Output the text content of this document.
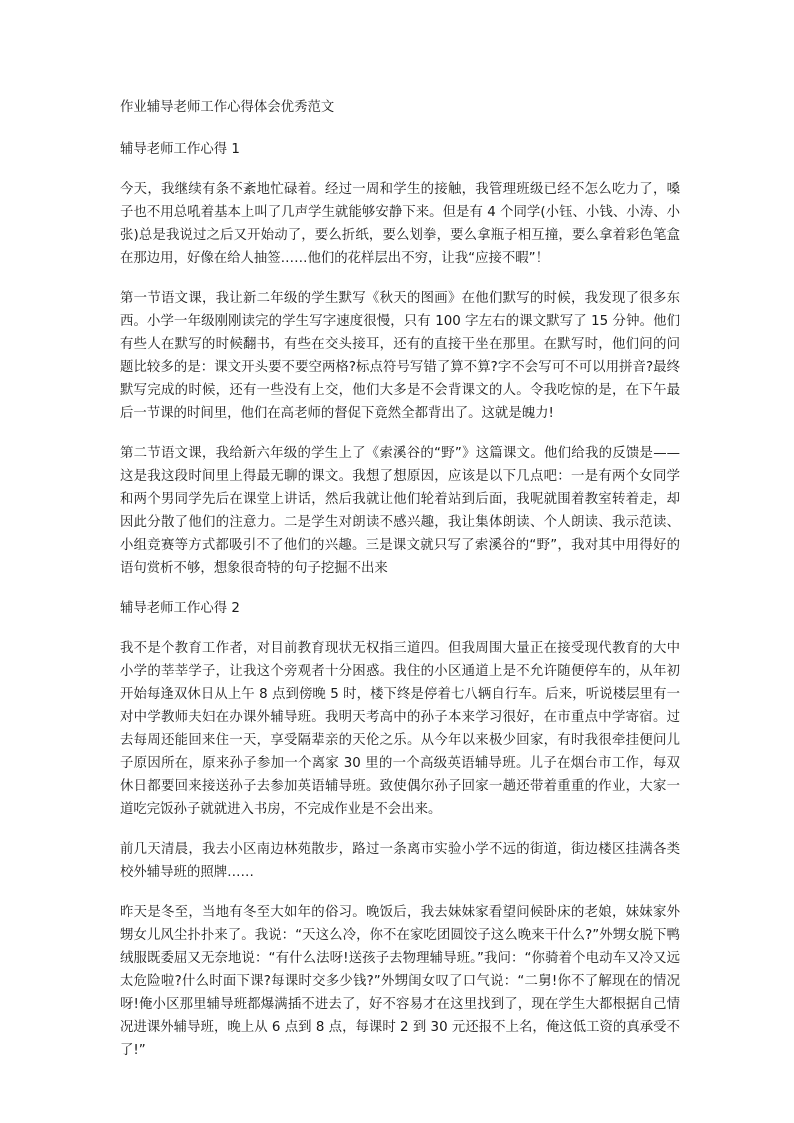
作业辅导老师工作心得体会优秀范文

辅导老师工作心得 1

今天，我继续有条不紊地忙碌着。经过一周和学生的接触，我管理班级已经不怎么吃力了，嗓子也不用总吼着基本上叫了几声学生就能够安静下来。但是有 4 个同学(小钰、小钱、小涛、小张)总是我说过之后又开始动了，要么折纸，要么划拳，要么拿瓶子相互撞，要么拿着彩色笔盒在那边用，好像在给人抽签……他们的花样层出不穷，让我“应接不暇”！

第一节语文课，我让新二年级的学生默写《秋天的图画》在他们默写的时候，我发现了很多东西。小学一年级刚刚读完的学生写字速度很慢，只有 100 字左右的课文默写了 15 分钟。他们有些人在默写的时候翻书，有些在交头接耳，还有的直接干坐在那里。在默写时，他们问的问题比较多的是：课文开头要不要空两格?标点符号写错了算不算?字不会写可不可以用拼音?最终默写完成的时候，还有一些没有上交，他们大多是不会背课文的人。令我吃惊的是，在下午最后一节课的时间里，他们在高老师的督促下竟然全都背出了。这就是魄力!

第二节语文课，我给新六年级的学生上了《索溪谷的“野”》这篇课文。他们给我的反馈是——这是我这段时间里上得最无聊的课文。我想了想原因，应该是以下几点吧：一是有两个女同学和两个男同学先后在课堂上讲话，然后我就让他们轮着站到后面，我呢就围着教室转着走，却因此分散了他们的注意力。二是学生对朗读不感兴趣，我让集体朗读、个人朗读、我示范读、小组竞赛等方式都吸引不了他们的兴趣。三是课文就只写了索溪谷的“野”，我对其中用得好的语句赏析不够，想象很奇特的句子挖掘不出来

辅导老师工作心得 2

我不是个教育工作者，对目前教育现状无权指三道四。但我周围大量正在接受现代教育的大中小学的莘莘学子，让我这个旁观者十分困惑。我住的小区通道上是不允许随便停车的，从年初开始每逢双休日从上午 8 点到傍晚 5 时，楼下终是停着七八辆自行车。后来，听说楼层里有一对中学教师夫妇在办课外辅导班。我明天考高中的孙子本来学习很好，在市重点中学寄宿。过去每周还能回来住一天，享受隔辈亲的天伦之乐。从今年以来极少回家，有时我很牵挂便问儿子原因所在，原来孙子参加一个离家 30 里的一个高级英语辅导班。儿子在烟台市工作，每双休日都要回来接送孙子去参加英语辅导班。致使偶尔孙子回家一趟还带着重重的作业，大家一道吃完饭孙子就就进入书房，不完成作业是不会出来。

前几天清晨，我去小区南边林苑散步，路过一条离市实验小学不远的街道，街边楼区挂满各类校外辅导班的照牌……

昨天是冬至，当地有冬至大如年的俗习。晚饭后，我去妹妹家看望问候卧床的老娘，妹妹家外甥女儿风尘扑扑来了。我说：“天这么冷，你不在家吃团圆饺子这么晚来干什么?”外甥女脱下鸭绒服既委屈又无奈地说：“有什么法呀!送孩子去物理辅导班。”我问：“你骑着个电动车又冷又远太危险啦?什么时面下课?每课时交多少钱?”外甥闺女叹了口气说：“二舅!你不了解现在的情况呀!俺小区那里辅导班都爆满插不进去了，好不容易才在这里找到了，现在学生大都根据自己情况进课外辅导班，晚上从 6 点到 8 点，每课时 2 到 30 元还报不上名，俺这低工资的真承受不了!”
